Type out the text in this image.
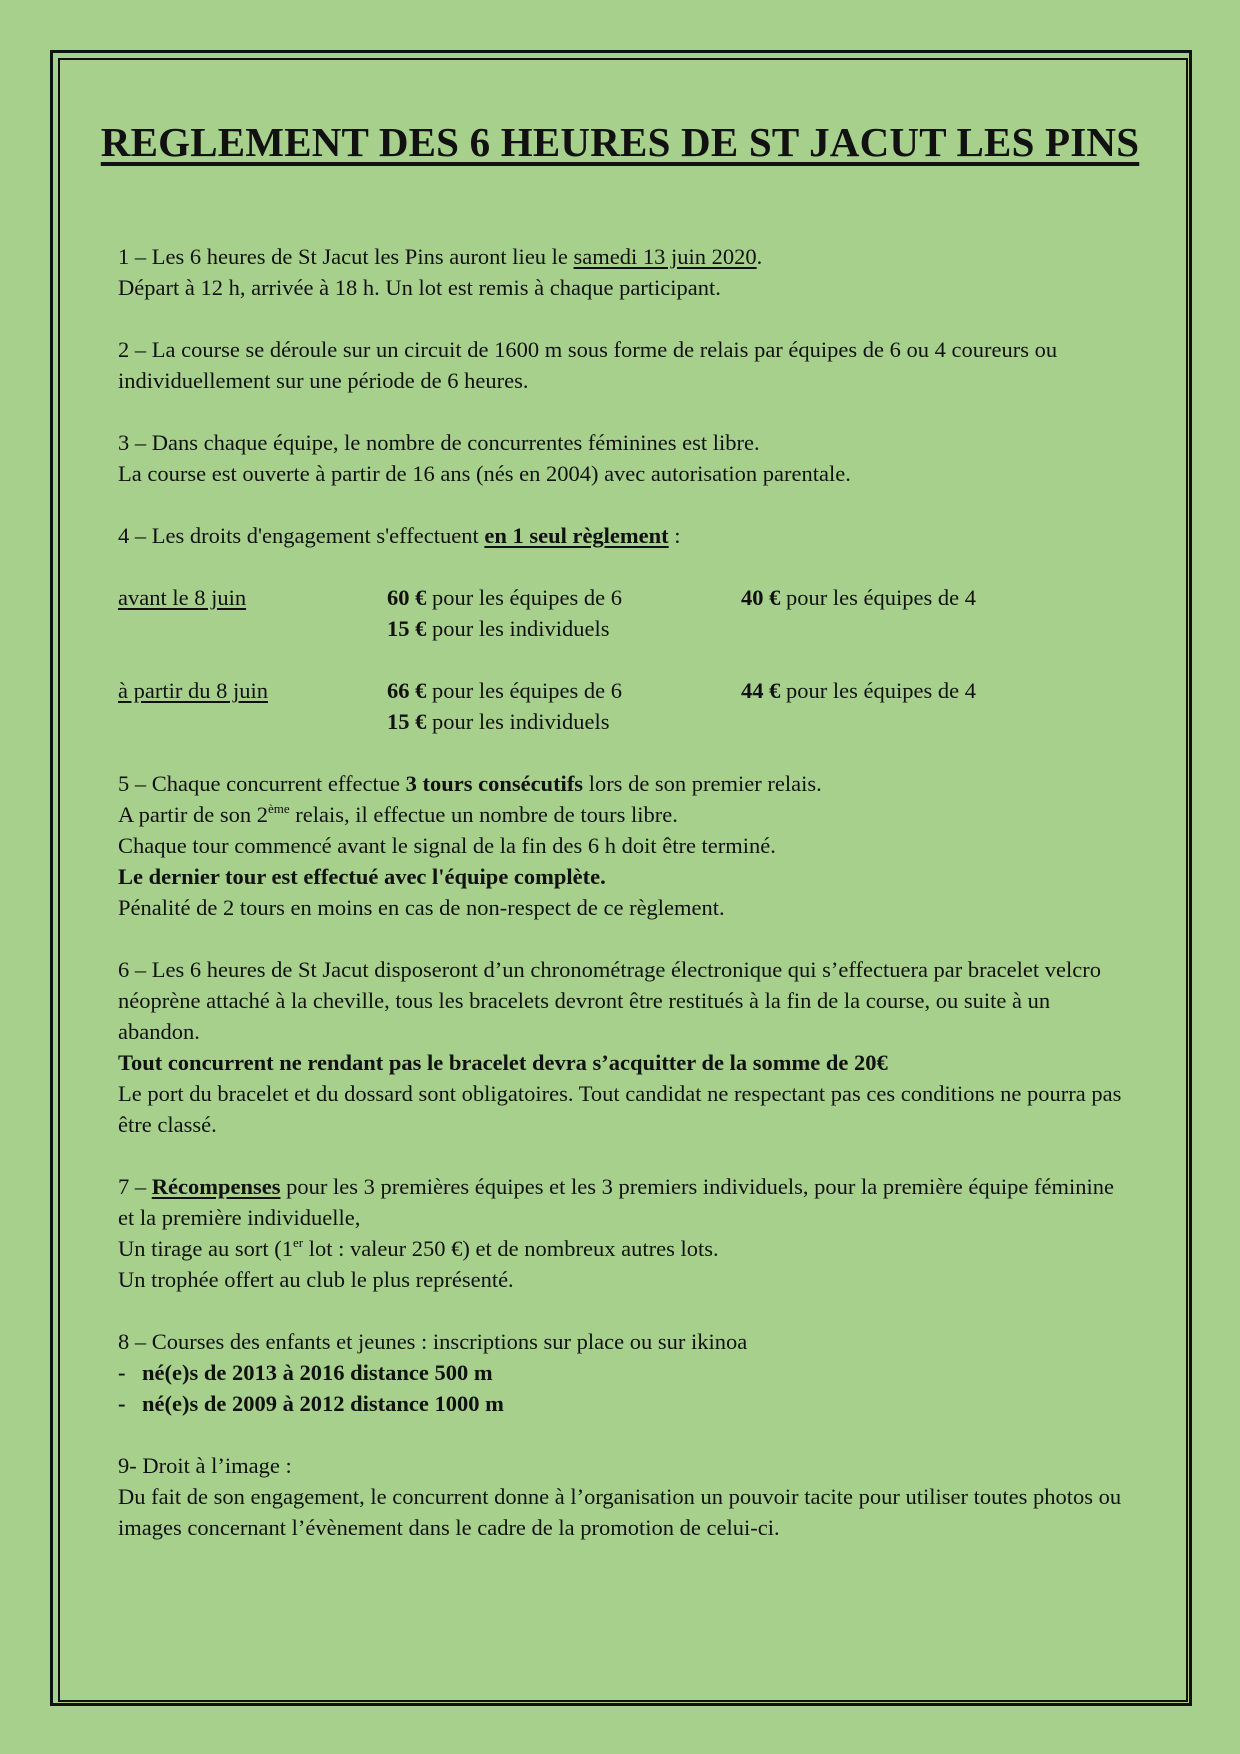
REGLEMENT DES 6 HEURES DE ST JACUT LES PINS

1 – Les 6 heures de St Jacut les Pins auront lieu le samedi 13 juin 2020.
Départ à 12 h, arrivée à 18 h. Un lot est remis à chaque participant.

2 – La course se déroule sur un circuit de 1600 m sous forme de relais par équipes de 6 ou 4 coureurs ou individuellement sur une période de 6 heures.

3 – Dans chaque équipe, le nombre de concurrentes féminines est libre.
La course est ouverte à partir de 16 ans (nés en 2004) avec autorisation parentale.

4 – Les droits d'engagement s'effectuent en 1 seul règlement :

avant le 8 juin	60 € pour les équipes de 6	40 € pour les équipes de 4
15 € pour les individuels
à partir du 8 juin	66 € pour les équipes de 6	44 € pour les équipes de 4
15 € pour les individuels

5 – Chaque concurrent effectue 3 tours consécutifs lors de son premier relais.
A partir de son 2ème relais, il effectue un nombre de tours libre.
Chaque tour commencé avant le signal de la fin des 6 h doit être terminé.
Le dernier tour est effectué avec l'équipe complète.
Pénalité de 2 tours en moins en cas de non-respect de ce règlement.

6 – Les 6 heures de St Jacut disposeront d’un chronométrage électronique qui s’effectuera par bracelet velcro néoprène attaché à la cheville, tous les bracelets devront être restitués à la fin de la course, ou suite à un abandon.
Tout concurrent ne rendant pas le bracelet devra s’acquitter de la somme de 20€
Le port du bracelet et du dossard sont obligatoires. Tout candidat ne respectant pas ces conditions ne pourra pas être classé.

7 – Récompenses pour les 3 premières équipes et les 3 premiers individuels, pour la première équipe féminine et la première individuelle,
Un tirage au sort (1er lot : valeur 250 €) et de nombreux autres lots.
Un trophée offert au club le plus représenté.

8 – Courses des enfants et jeunes : inscriptions sur place ou sur ikinoa
- né(e)s de 2013 à 2016 distance 500 m
- né(e)s de 2009 à 2012 distance 1000 m

9- Droit à l’image :
Du fait de son engagement, le concurrent donne à l’organisation un pouvoir tacite pour utiliser toutes photos ou images concernant l’évènement dans le cadre de la promotion de celui-ci.
